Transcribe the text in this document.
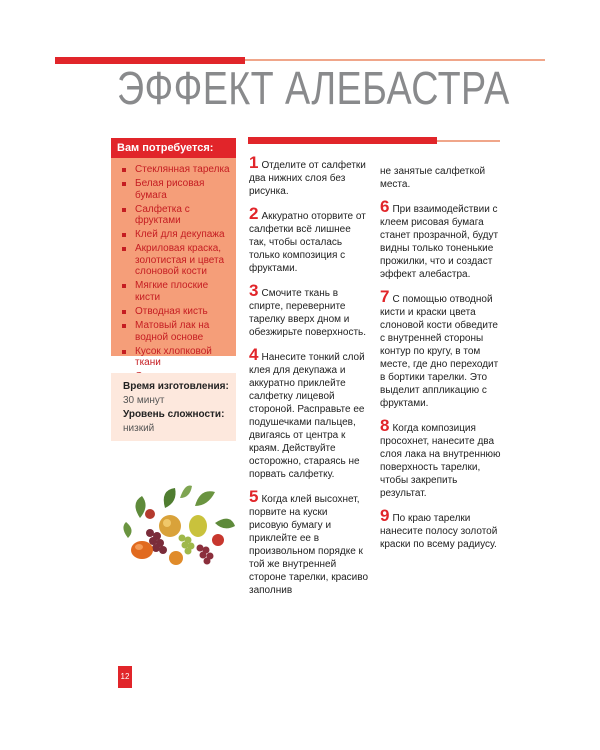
ЭФФЕКТ АЛЕБАСТРА
Вам потребуется:
Стеклянная тарелка
Белая рисовая бумага
Салфетка с фруктами
Клей для декупажа
Акриловая краска, золотистая и цвета слоновой кости
Мягкие плоские кисти
Отводная кисть
Матовый лак на водной основе
Кусок хлопковой ткани
Время изготовления:
30 минут
Уровень сложности:
низкий

1 Отделите от салфетки два нижних слоя без рисунка.

2 Аккуратно оторвите от салфетки всё лишнее так, чтобы осталась только композиция с фруктами.

3 Смочите ткань в спирте, переверните тарелку вверх дном и обезжирьте поверхность.

4 Нанесите тонкий слой клея для декупажа и аккуратно приклейте салфетку лицевой стороной. Расправьте ее подушечками пальцев, двигаясь от центра к краям. Действуйте осторожно, стараясь не порвать салфетку.

5 Когда клей высохнет, порвите на куски рисовую бумагу и приклейте ее в произвольном порядке к той же внутренней стороне тарелки, красиво заполнив

не занятые салфеткой места.

6 При взаимодействии с клеем рисовая бумага станет прозрачной, будут видны только тоненькие прожилки, что и создаст эффект алебастра.

7 С помощью отводной кисти и краски цвета слоновой кости обведите с внутренней стороны контур по кругу, в том месте, где дно переходит в бортики тарелки. Это выделит аппликацию с фруктами.

8 Когда композиция просохнет, нанесите два слоя лака на внутреннюю поверхность тарелки, чтобы закрепить результат.

9 По краю тарелки нанесите полосу золотой краски по всему радиусу.

12
